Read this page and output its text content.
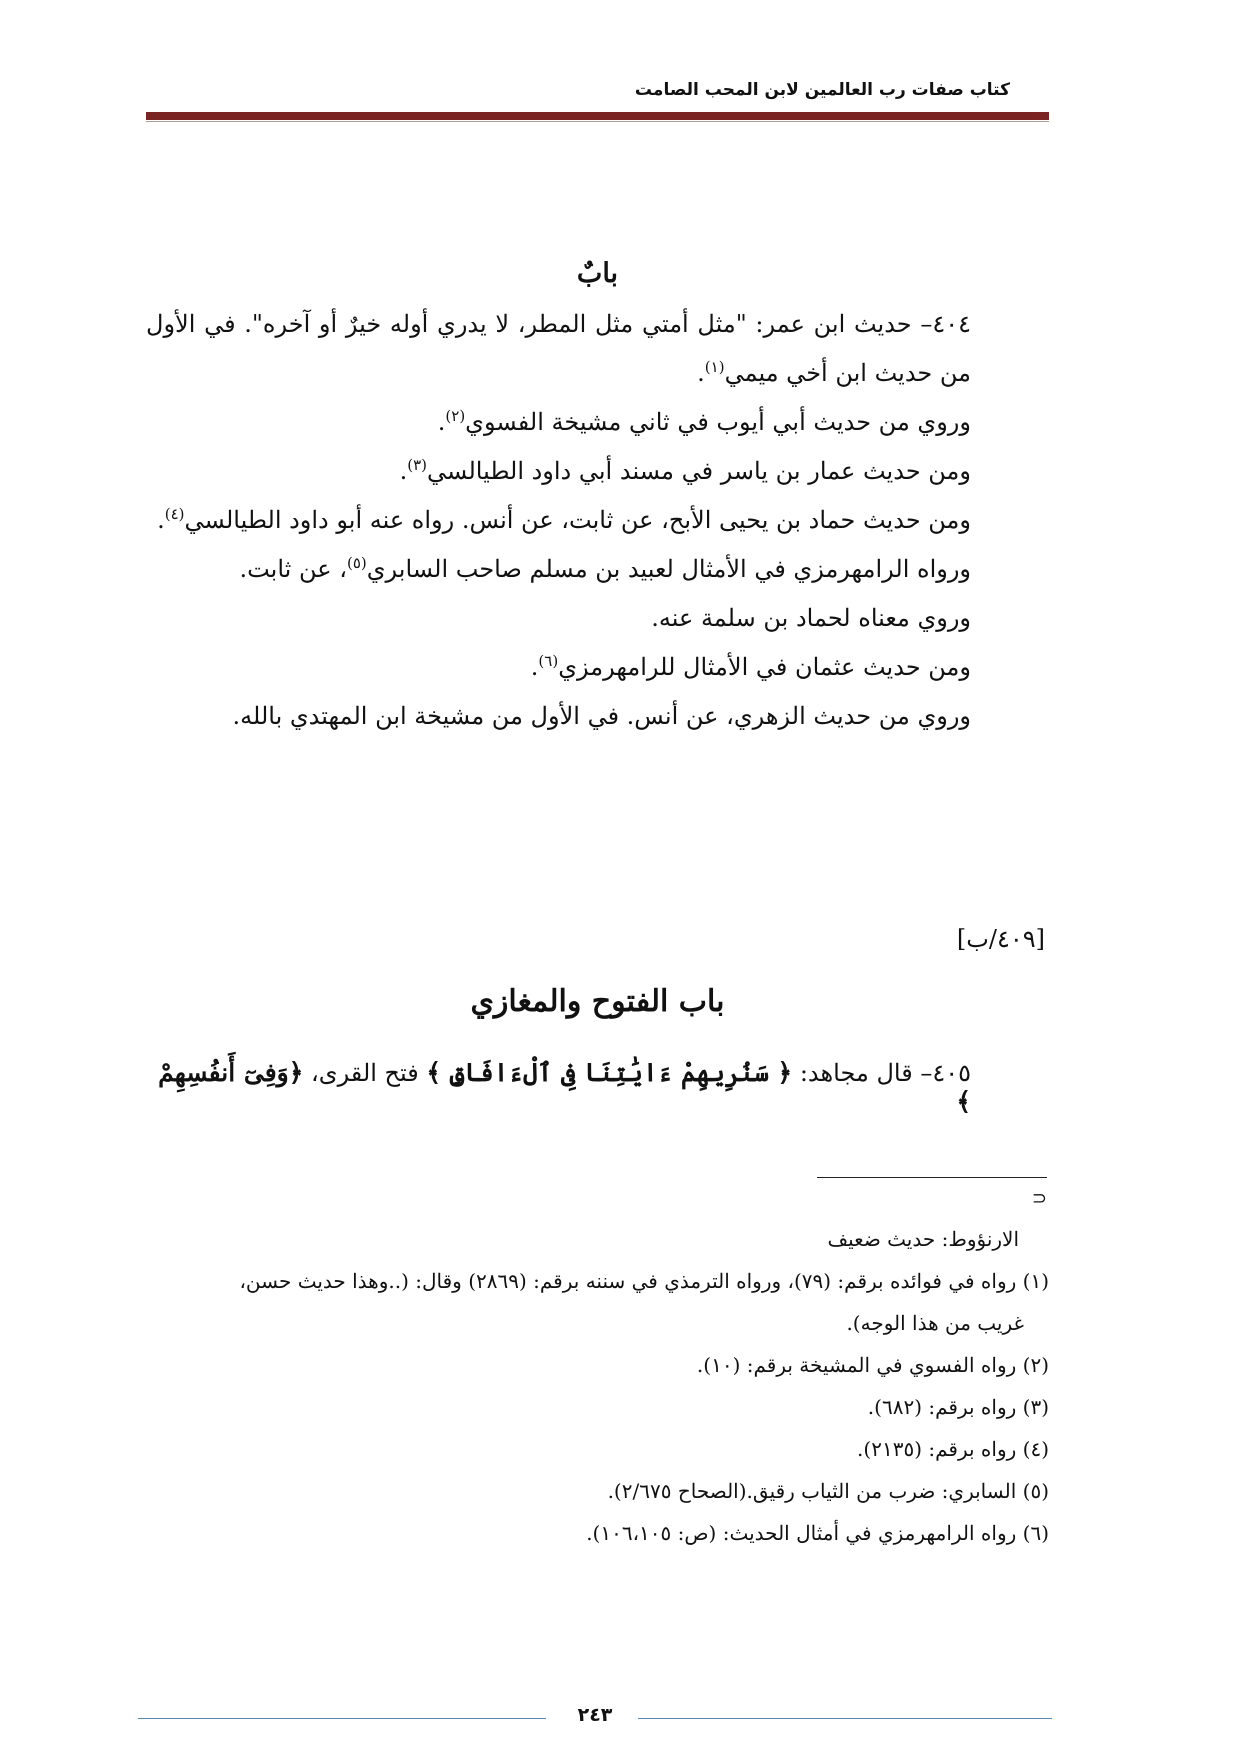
كتاب صفات رب العالمين لابن المحب الصامت
بابٌ
٤٠٤– حديث ابن عمر: "مثل أمتي مثل المطر، لا يدري أوله خيرٌ أو آخره". في الأول من حديث ابن أخي ميمي$^{(١)}$.
وروي من حديث أبي أيوب في ثاني مشيخة الفسوي$^{(٢)}$.
ومن حديث عمار بن ياسر في مسند أبي داود الطيالسي$^{(٣)}$.
ومن حديث حماد بن يحيى الأبح، عن ثابت، عن أنس. رواه عنه أبو داود الطيالسي$^{(٤)}$.
ورواه الرامهرمزي في الأمثال لعبيد بن مسلم صاحب السابري$^{(٥)}$، عن ثابت.
وروي معناه لحماد بن سلمة عنه.
ومن حديث عثمان في الأمثال للرامهرمزي$^{(٦)}$.
وروي من حديث الزهري، عن أنس. في الأول من مشيخة ابن المهتدي بالله.
[٤٠٩/ب]
باب الفتوح والمغازي
٤٠٥– قال مجاهد: ﴿ سَنُرِيهِمْ ءَايَٰتِنَا فِى ٱلْءَافَاقِ ﴾ فتح القرى، ﴿وَفِىٓ أَنفُسِهِمْ ﴾
⊃
الارنؤوط: حديث ضعيف
(١) رواه في فوائده برقم: (٧٩)، ورواه الترمذي في سننه برقم: (٢٨٦٩) وقال: (..وهذا حديث حسن،
غريب من هذا الوجه).
(٢) رواه الفسوي في المشيخة برقم: (١٠).
(٣) رواه برقم: (٦٨٢).
(٤) رواه برقم: (٢١٣٥).
(٥) السابري: ضرب من الثياب رقيق.(الصحاح ٢/٦٧٥).
(٦) رواه الرامهرمزي في أمثال الحديث: (ص: ١٠٦،١٠٥).
٢٤٣
